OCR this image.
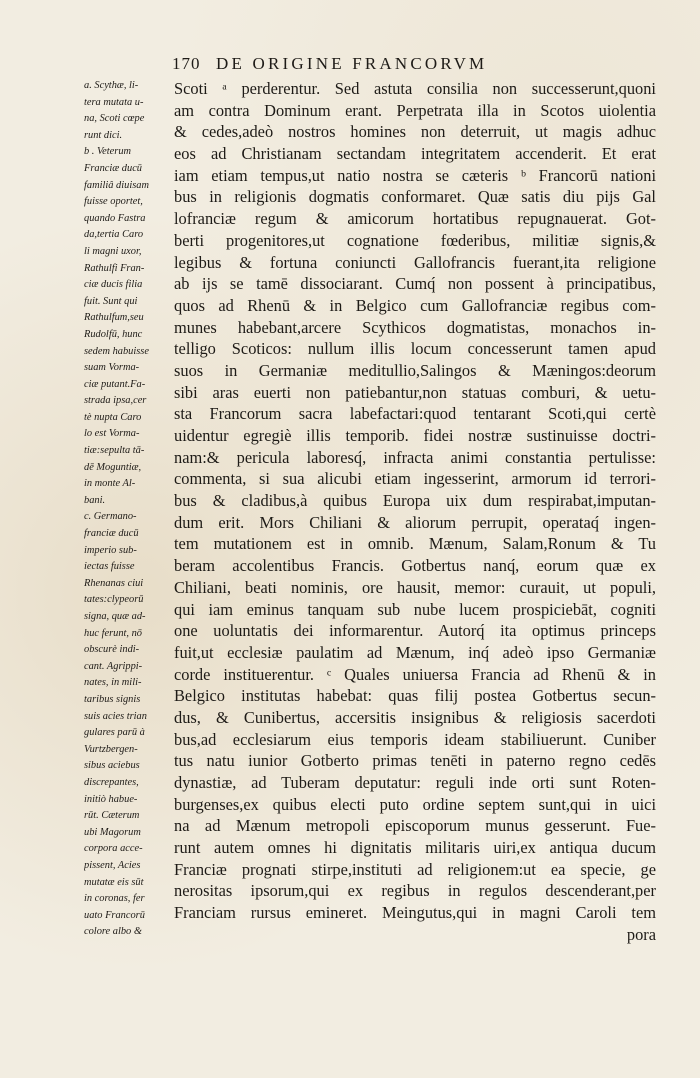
170 DE ORIGINE FRANCORVM
a. Scythæ, li-
tera mutata u-
na, Scoti cœpe
runt dici.
b . Veterum
Franciæ ducū
familiâ diuisam
fuisse oportet,
quando Fastra
da,tertia Caro
li magni uxor,
Rathulfi Fran-
ciæ ducis filia
fuit. Sunt qui
Rathulfum,seu
Rudolfū, hunc
sedem habuisse
suam Vorma-
ciæ putant.Fa-
strada ipsa,cer
tè nupta Caro
lo est Vorma-
tiæ:sepulta tā-
dē Moguntiæ,
in monte Al-
bani.
c. Germano-
franciæ ducū
imperio sub-
iectas fuisse
Rhenanas ciui
tates:clypeorū
signa, quæ ad-
huc ferunt, nō
obscurè indi-
cant. Agrippi-
nates, in mili-
taribus signis
suis acies trian
gulares parū à
Vurtzbergen-
sibus aciebus
discrepantes,
initiò habue-
rūt. Cæterum
ubi Magorum
corpora acce-
pissent, Acies
mutatæ eis sūt
in coronas, fer
uato Francorū
colore albo &
Scoti ᵃ perderentur. Sed astuta consilia non successerunt,quoni
am contra Dominum erant. Perpetrata illa in Scotos uiolentia
& cedes,adeò nostros homines non deterruit, ut magis adhuc
eos ad Christianam sectandam integritatem accenderit. Et erat
iam etiam tempus,ut natio nostra se cæteris ᵇ Francorū nationi
bus in religionis dogmatis conformaret. Quæ satis diu pijs Gal
lofranciæ regum & amicorum hortatibus repugnauerat. Got-
berti progenitores,ut cognatione fœderibus, militiæ signis,&
legibus & fortuna coniuncti Gallofrancis fuerant,ita religione
ab ijs se tamē dissociarant. Cumq́ non possent à principatibus,
quos ad Rhenū & in Belgico cum Gallofranciæ regibus com-
munes habebant,arcere Scythicos dogmatistas, monachos in-
telligo Scoticos: nullum illis locum concesserunt tamen apud
suos in Germaniæ meditullio,Salingos & Mæningos:deorum
sibi aras euerti non patiebantur,non statuas comburi, & uetu-
sta Francorum sacra labefactari:quod tentarant Scoti,qui certè
uidentur egregiè illis temporib. fidei nostræ sustinuisse doctri-
nam:& pericula laboresq́, infracta animi constantia pertulisse:
commenta, si sua alicubi etiam ingesserint, armorum id terrori-
bus & cladibus,à quibus Europa uix dum respirabat,imputan-
dum erit. Mors Chiliani & aliorum perrupit, operataq́ ingen-
tem mutationem est in omnib. Mænum, Salam,Ronum & Tu
beram accolentibus Francis. Gotbertus nanq́, eorum quæ ex
Chiliani, beati nominis, ore hausit, memor: curauit, ut populi,
qui iam eminus tanquam sub nube lucem prospiciebāt, cogniti
one uoluntatis dei informarentur. Autorq́ ita optimus princeps
fuit,ut ecclesiæ paulatim ad Mænum, inq́ adeò ipso Germaniæ
corde instituerentur. ᶜ Quales uniuersa Francia ad Rhenū & in
Belgico institutas habebat: quas filij postea Gotbertus secun-
dus, & Cunibertus, accersitis insignibus & religiosis sacerdoti
bus,ad ecclesiarum eius temporis ideam stabiliuerunt. Cuniber
tus natu iunior Gotberto primas tenēti in paterno regno cedēs
dynastiæ, ad Tuberam deputatur: reguli inde orti sunt Roten-
burgenses,ex quibus electi puto ordine septem sunt,qui in uici
na ad Mænum metropoli episcoporum munus gesserunt. Fue-
runt autem omnes hi dignitatis militaris uiri,ex antiqua ducum
Franciæ prognati stirpe,instituti ad religionem:ut ea specie, ge
nerositas ipsorum,qui ex regibus in regulos descenderant,per
Franciam rursus emineret. Meingutus,qui in magni Caroli tem
pora
